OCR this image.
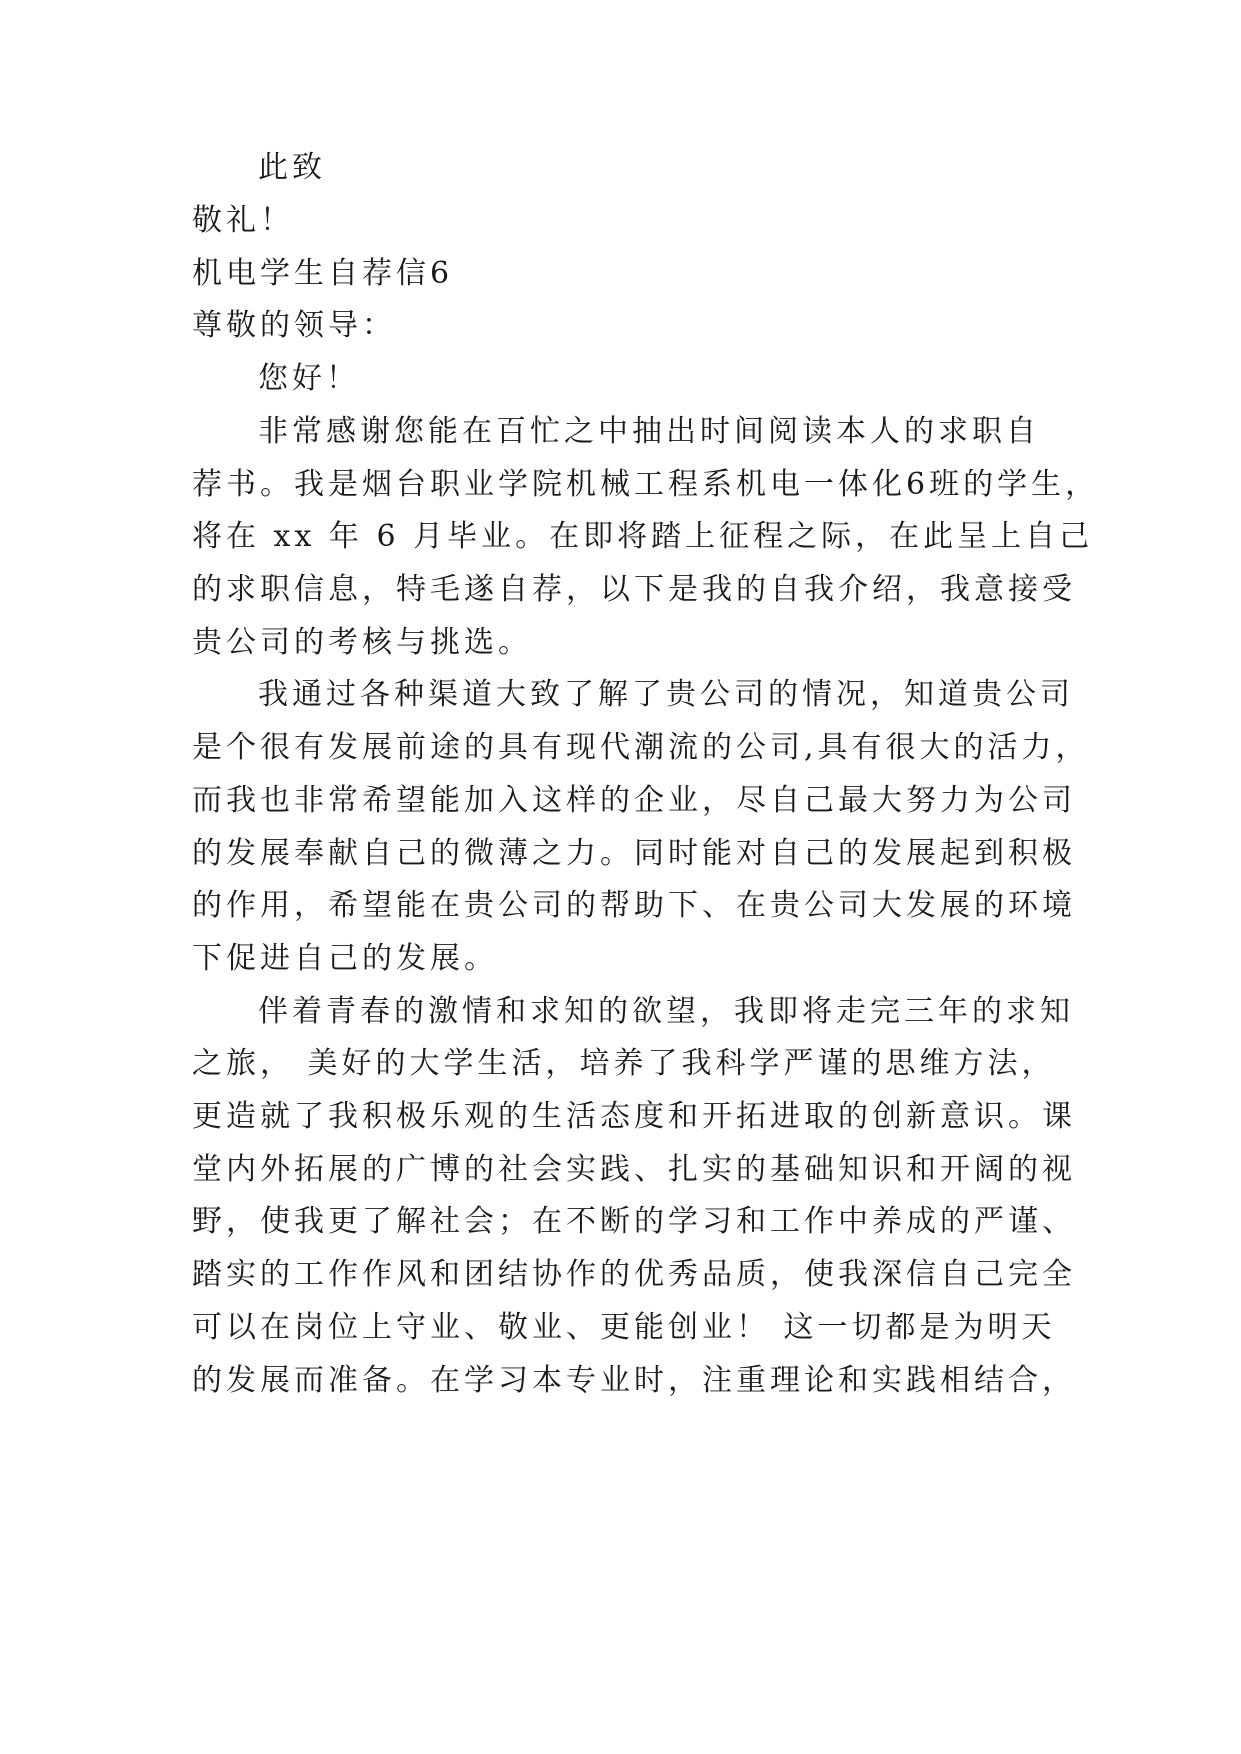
此致
敬礼！
机电学生自荐信6
尊敬的领导：
您好！
非常感谢您能在百忙之中抽出时间阅读本人的求职自
荐书。我是烟台职业学院机械工程系机电一体化6班的学生，
将在 xx 年 6 月毕业。在即将踏上征程之际，在此呈上自己
的求职信息，特毛遂自荐，以下是我的自我介绍，我意接受
贵公司的考核与挑选。
我通过各种渠道大致了解了贵公司的情况，知道贵公司
是个很有发展前途的具有现代潮流的公司,具有很大的活力，
而我也非常希望能加入这样的企业，尽自己最大努力为公司
的发展奉献自己的微薄之力。同时能对自己的发展起到积极
的作用，希望能在贵公司的帮助下、在贵公司大发展的环境
下促进自己的发展。
伴着青春的激情和求知的欲望，我即将走完三年的求知
之旅， 美好的大学生活，培养了我科学严谨的思维方法，
更造就了我积极乐观的生活态度和开拓进取的创新意识。课
堂内外拓展的广博的社会实践、扎实的基础知识和开阔的视
野，使我更了解社会；在不断的学习和工作中养成的严谨、
踏实的工作作风和团结协作的优秀品质，使我深信自己完全
可以在岗位上守业、敬业、更能创业！ 这一切都是为明天
的发展而准备。在学习本专业时，注重理论和实践相结合，
